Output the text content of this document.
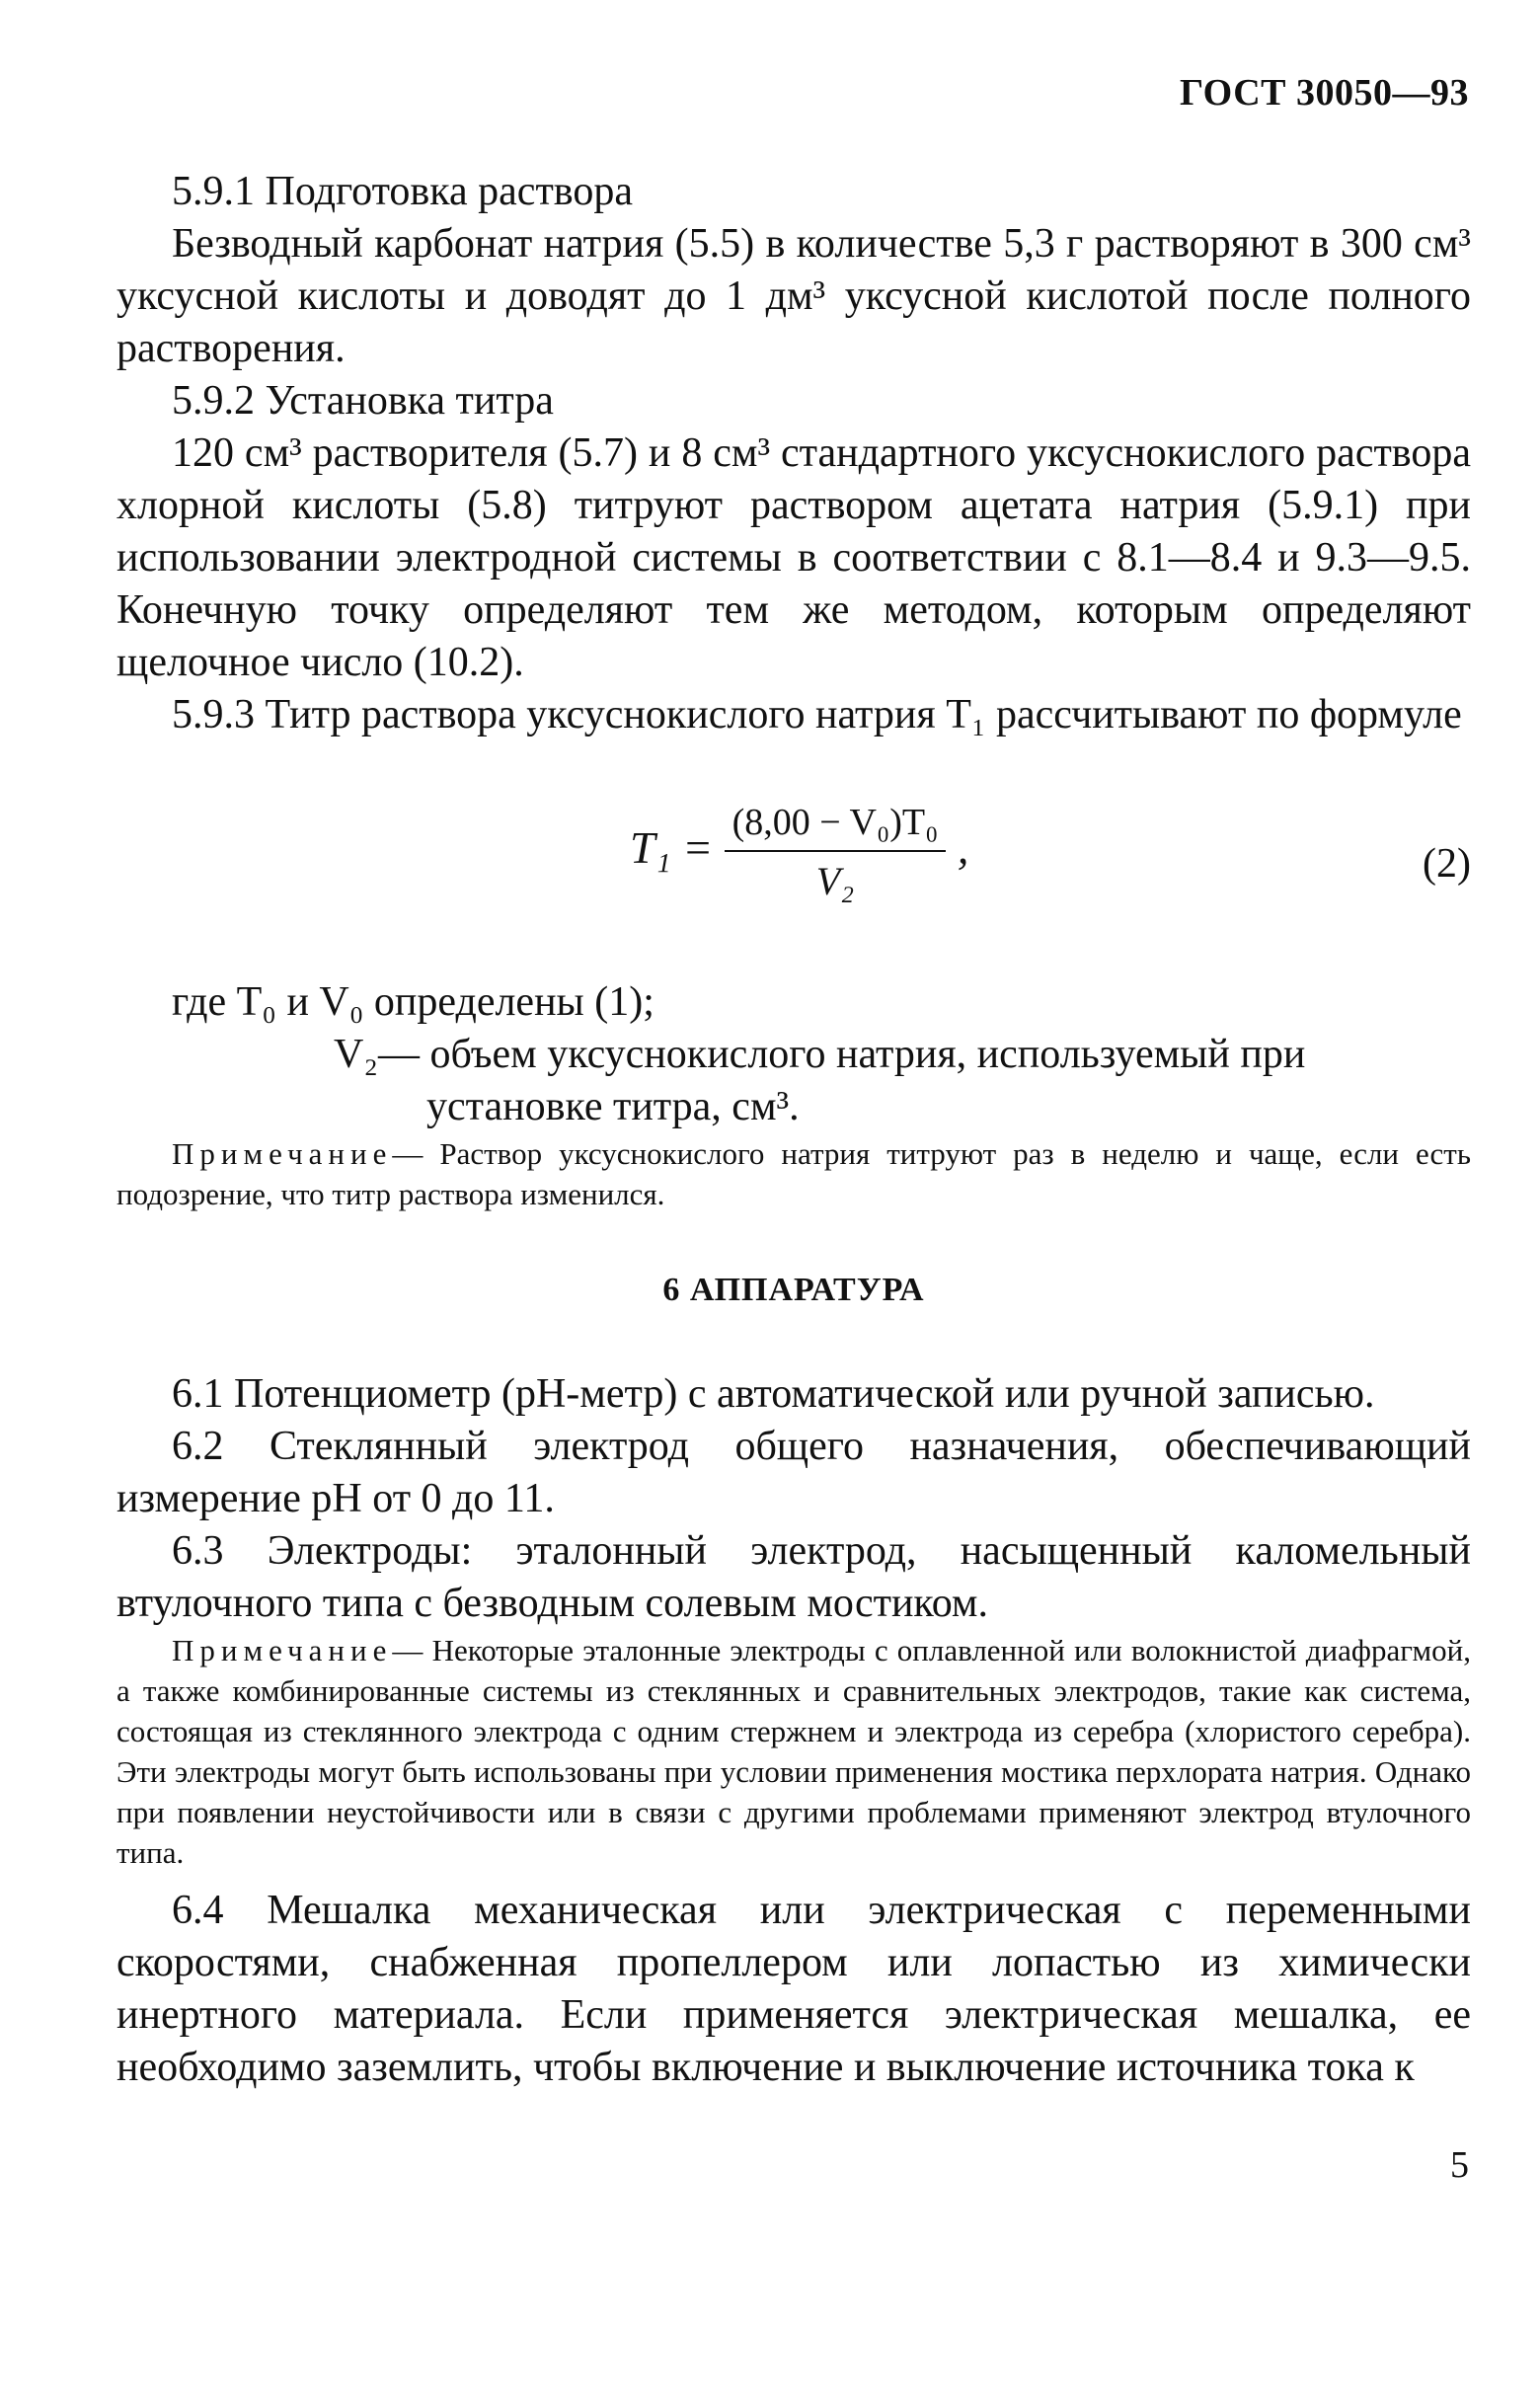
ГОСТ 30050—93

5.9.1 Подготовка раствора

Безводный карбонат натрия (5.5) в количестве 5,3 г растворяют в 300 см³ уксусной кислоты и доводят до 1 дм³ уксусной кислотой после полного растворения.

5.9.2 Установка титра

120 см³ растворителя (5.7) и 8 см³ стандартного уксуснокислого раствора хлорной кислоты (5.8) титруют раствором ацетата натрия (5.9.1) при использовании электродной системы в соответствии с 8.1—8.4 и 9.3—9.5. Конечную точку определяют тем же методом, которым определяют щелочное число (10.2).

5.9.3 Титр раствора уксуснокислого натрия T₁ рассчитывают по формуле

$T_1 = \frac{\text{(8,00 − V₀)T₀}}{\text{V₂}}$ ,	(2)

где T₀ и V₀ определены (1);

V₂— объем уксуснокислого натрия, используемый при

установке титра, см³.

Примечание— Раствор уксуснокислого натрия титруют раз в неделю и чаще, если есть подозрение, что титр раствора изменился.

6 АППАРАТУРА

6.1 Потенциометр (рН-метр) с автоматической или ручной записью.

6.2 Стеклянный электрод общего назначения, обеспечивающий измерение рН от 0 до 11.

6.3 Электроды: эталонный электрод, насыщенный каломельный втулочного типа с безводным солевым мостиком.

Примечание— Некоторые эталонные электроды с оплавленной или волокнистой диафрагмой, а также комбинированные системы из стеклянных и сравнительных электродов, такие как система, состоящая из стеклянного электрода с одним стержнем и электрода из серебра (хлористого серебра). Эти электроды могут быть использованы при условии применения мостика перхлората натрия. Однако при появлении неустойчивости или в связи с другими проблемами применяют электрод втулочного типа.

6.4 Мешалка механическая или электрическая с переменными скоростями, снабженная пропеллером или лопастью из химически инертного материала. Если применяется электрическая мешалка, ее необходимо заземлить, чтобы включение и выключение источника тока к

5
